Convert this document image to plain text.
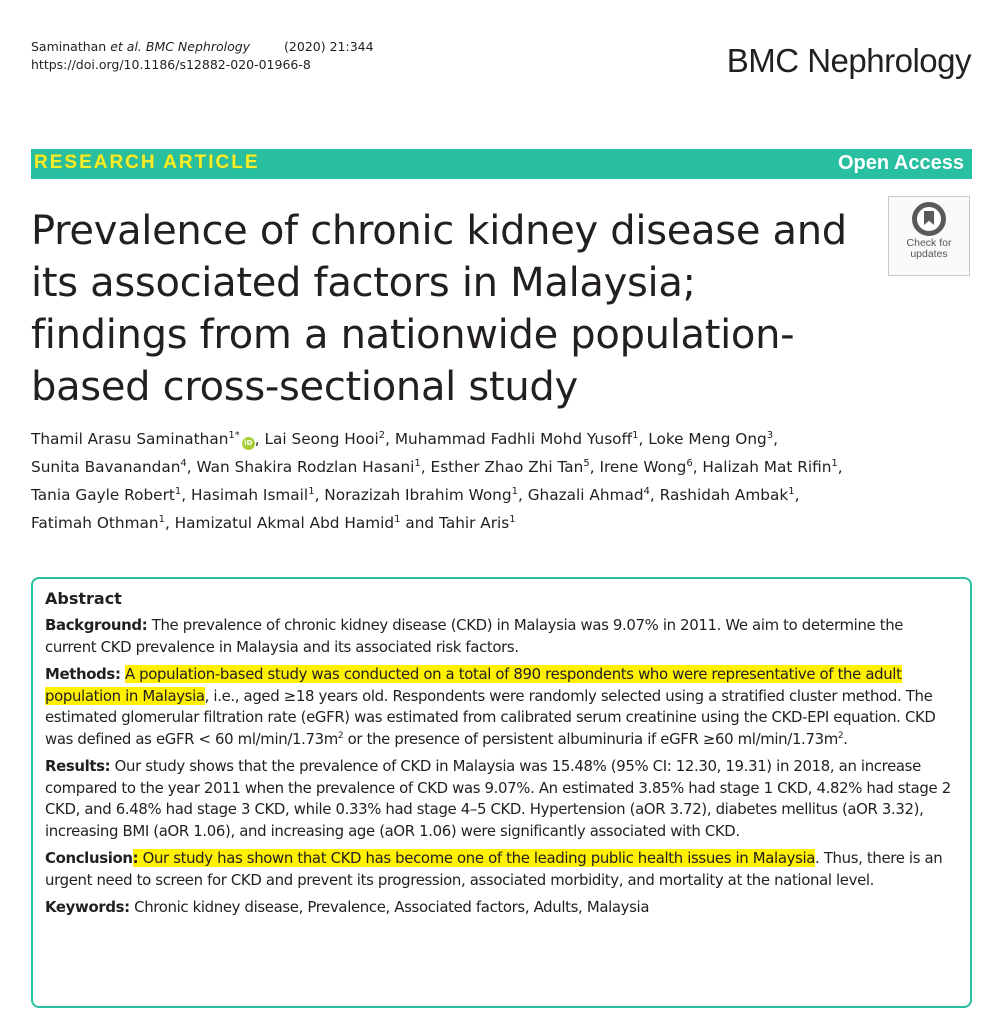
Saminathan et al. BMC Nephrology	(2020) 21:344
https://doi.org/10.1186/s12882-020-01966-8	BMC Nephrology
RESEARCH ARTICLE	Open Access
Prevalence of chronic kidney disease and its associated factors in Malaysia; findings from a nationwide population-based cross-sectional study
Check for
updates
Thamil Arasu Saminathan$^{1*}$iD , Lai Seong Hooi$^2$, Muhammad Fadhli Mohd Yusoff$^1$, Loke Meng Ong$^3$,
Sunita Bavanandan$^4$, Wan Shakira Rodzlan Hasani$^1$, Esther Zhao Zhi Tan$^5$, Irene Wong$^6$, Halizah Mat Rifin$^1$,
Tania Gayle Robert$^1$, Hasimah Ismail$^1$, Norazizah Ibrahim Wong$^1$, Ghazali Ahmad$^4$, Rashidah Ambak$^1$,
Fatimah Othman$^1$, Hamizatul Akmal Abd Hamid$^1$ and Tahir Aris$^1$
Abstract

Background: The prevalence of chronic kidney disease (CKD) in Malaysia was 9.07% in 2011. We aim to determine the current CKD prevalence in Malaysia and its associated risk factors.

Methods: A population-based study was conducted on a total of 890 respondents who were representative of the adult population in Malaysia, i.e., aged ≥18 years old. Respondents were randomly selected using a stratified cluster method. The estimated glomerular filtration rate (eGFR) was estimated from calibrated serum creatinine using the CKD-EPI equation. CKD was defined as eGFR < 60 $ml/\min/1.73m^2$ or the presence of persistent albuminuria if eGFR ≥60 $ml/\min/1.73m^2$.

Results: Our study shows that the prevalence of CKD in Malaysia was 15.48% (95% CI: 12.30, 19.31) in 2018, an increase compared to the year 2011 when the prevalence of CKD was 9.07%. An estimated 3.85% had stage 1 CKD, 4.82% had stage 2 CKD, and 6.48% had stage 3 CKD, while 0.33% had stage 4–5 CKD. Hypertension (aOR 3.72), diabetes mellitus (aOR 3.32), increasing BMI (aOR 1.06), and increasing age (aOR 1.06) were significantly associated with CKD.

Conclusion: Our study has shown that CKD has become one of the leading public health issues in Malaysia. Thus, there is an urgent need to screen for CKD and prevent its progression, associated morbidity, and mortality at the national level.

Keywords: Chronic kidney disease, Prevalence, Associated factors, Adults, Malaysia
